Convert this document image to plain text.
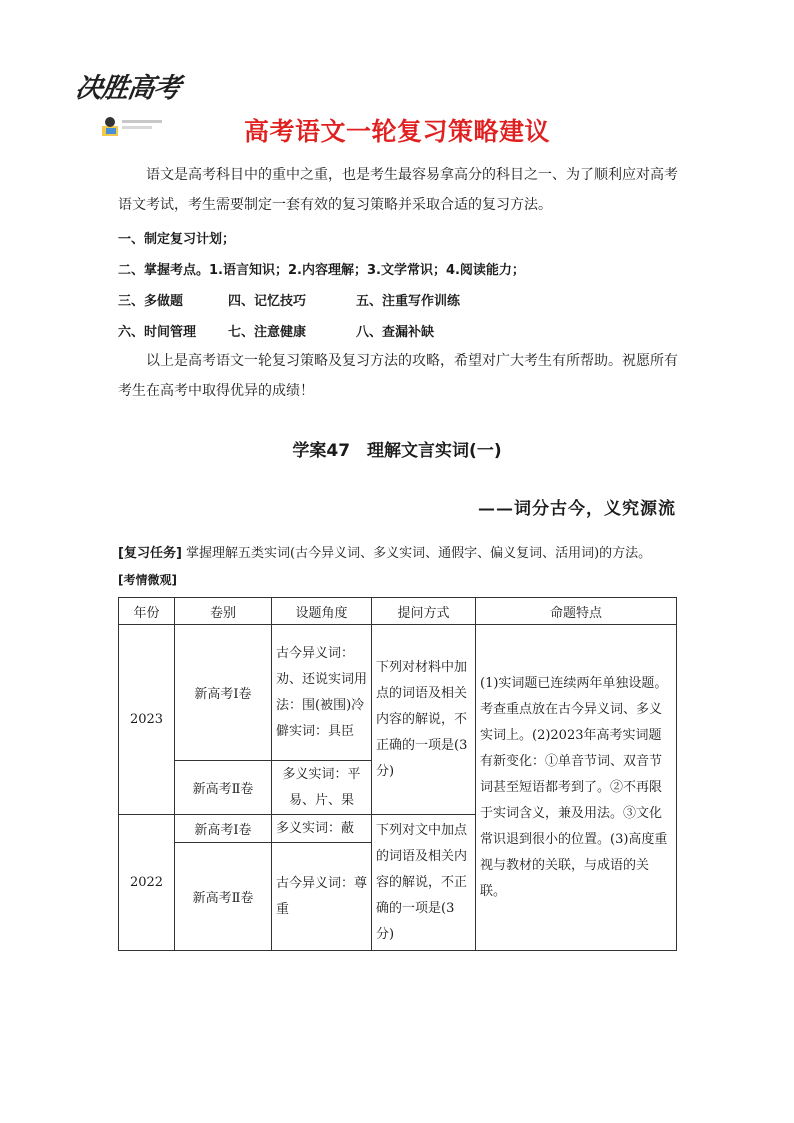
决胜高考
高考语文一轮复习策略建议

语文是高考科目中的重中之重，也是考生最容易拿高分的科目之一、为了顺利应对高考语文考试，考生需要制定一套有效的复习策略并采取合适的复习方法。

一、制定复习计划；
二、掌握考点。1.语言知识；2.内容理解；3.文学常识；4.阅读能力；
三、多做题	四、记忆技巧	五、注重写作训练
六、时间管理 七、注意健康	八、查漏补缺

以上是高考语文一轮复习策略及复习方法的攻略，希望对广大考生有所帮助。祝愿所有考生在高考中取得优异的成绩！

学案47　理解文言实词(一)
——词分古今，义究源流
[复习任务] 掌握理解五类实词(古今异义词、多义实词、通假字、偏义复词、活用词)的方法。
[考情微观]
年份	卷别	设题角度	提问方式	命题特点
2023	新高考Ⅰ卷	古今异义词：劝、还说实词用法：围(被围)冷僻实词：具臣	下列对材料中加点的词语及相关内容的解说，不正确的一项是(3分)	(1)实词题已连续两年单独设题。考查重点放在古今异义词、多义实词上。(2)2023年高考实词题有新变化：①单音节词、双音节词甚至短语都考到了。②不再限于实词含义，兼及用法。③文化常识退到很小的位置。(3)高度重视与教材的关联，与成语的关联。
	新高考Ⅱ卷	多义实词：平易、片、果		
2022	新高考Ⅰ卷	多义实词：蔽	下列对文中加点的词语及相关内容的解说，不正确的一项是(3分)	
	新高考Ⅱ卷	古今异义词：尊重		
